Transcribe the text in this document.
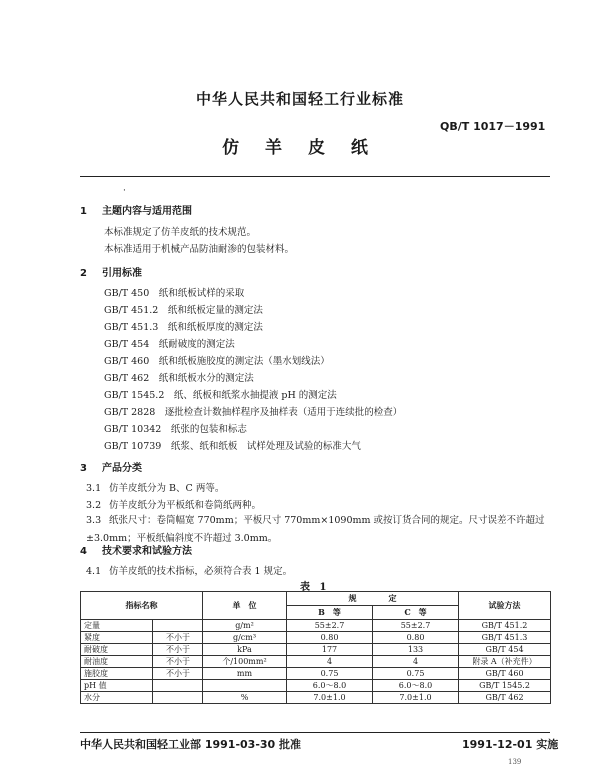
中华人民共和国轻工行业标准
QB/T 1017－1991
仿 羊 皮 纸
·
1 主题内容与适用范围
本标准规定了仿羊皮纸的技术规范。
本标准适用于机械产品防油耐渗的包装材料。
2 引用标准
GB/T 450　纸和纸板试样的采取
GB/T 451.2　纸和纸板定量的测定法
GB/T 451.3　纸和纸板厚度的测定法
GB/T 454　纸耐破度的测定法
GB/T 460　纸和纸板施胶度的测定法（墨水划线法）
GB/T 462　纸和纸板水分的测定法
GB/T 1545.2　纸、纸板和纸浆水抽提液 pH 的测定法
GB/T 2828　逐批检查计数抽样程序及抽样表（适用于连续批的检查）
GB/T 10342　纸张的包装和标志
GB/T 10739　纸浆、纸和纸板　试样处理及试验的标准大气
3 产品分类
3.1 仿羊皮纸分为 B、C 两等。
3.2 仿羊皮纸分为平板纸和卷筒纸两种。
3.3 纸张尺寸：卷筒幅宽 770mm；平板尺寸 770mm×1090mm 或按订货合同的规定。尺寸误差不许超过±3.0mm；平板纸偏斜度不许超过 3.0mm。
4 技术要求和试验方法
4.1 仿羊皮纸的技术指标，必须符合表 1 规定。
表 1
指标名称		单　位	规　　　　定		试验方法
			B　等	C　等	
定量		g/m²	55±2.7	55±2.7	GB/T 451.2
紧度	不小于	g/cm³	0.80	0.80	GB/T 451.3
耐破度	不小于	kPa	177	133	GB/T 454
耐油度	不小于	个/100mm²	4	4	附录 A（补充件）
施胶度	不小于	mm	0.75	0.75	GB/T 460
pH 值			6.0～8.0	6.0～8.0	GB/T 1545.2
水分		%	7.0±1.0	7.0±1.0	GB/T 462
中华人民共和国轻工业部 1991-03-30 批准	1991-12-01 实施
139
